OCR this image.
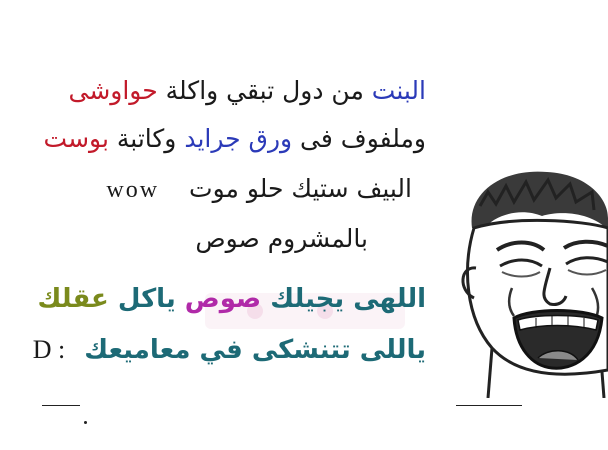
البنت من دول تبقي واكلة حواوشى
وملفوف فى ورق جرايد وكاتبة بوست
البيف ستيك حلو موت wow
بالمشروم صوص
اللهى يجيلك صوص ياكل عقلك
ياللى تتنشكى في معاميعك D :
